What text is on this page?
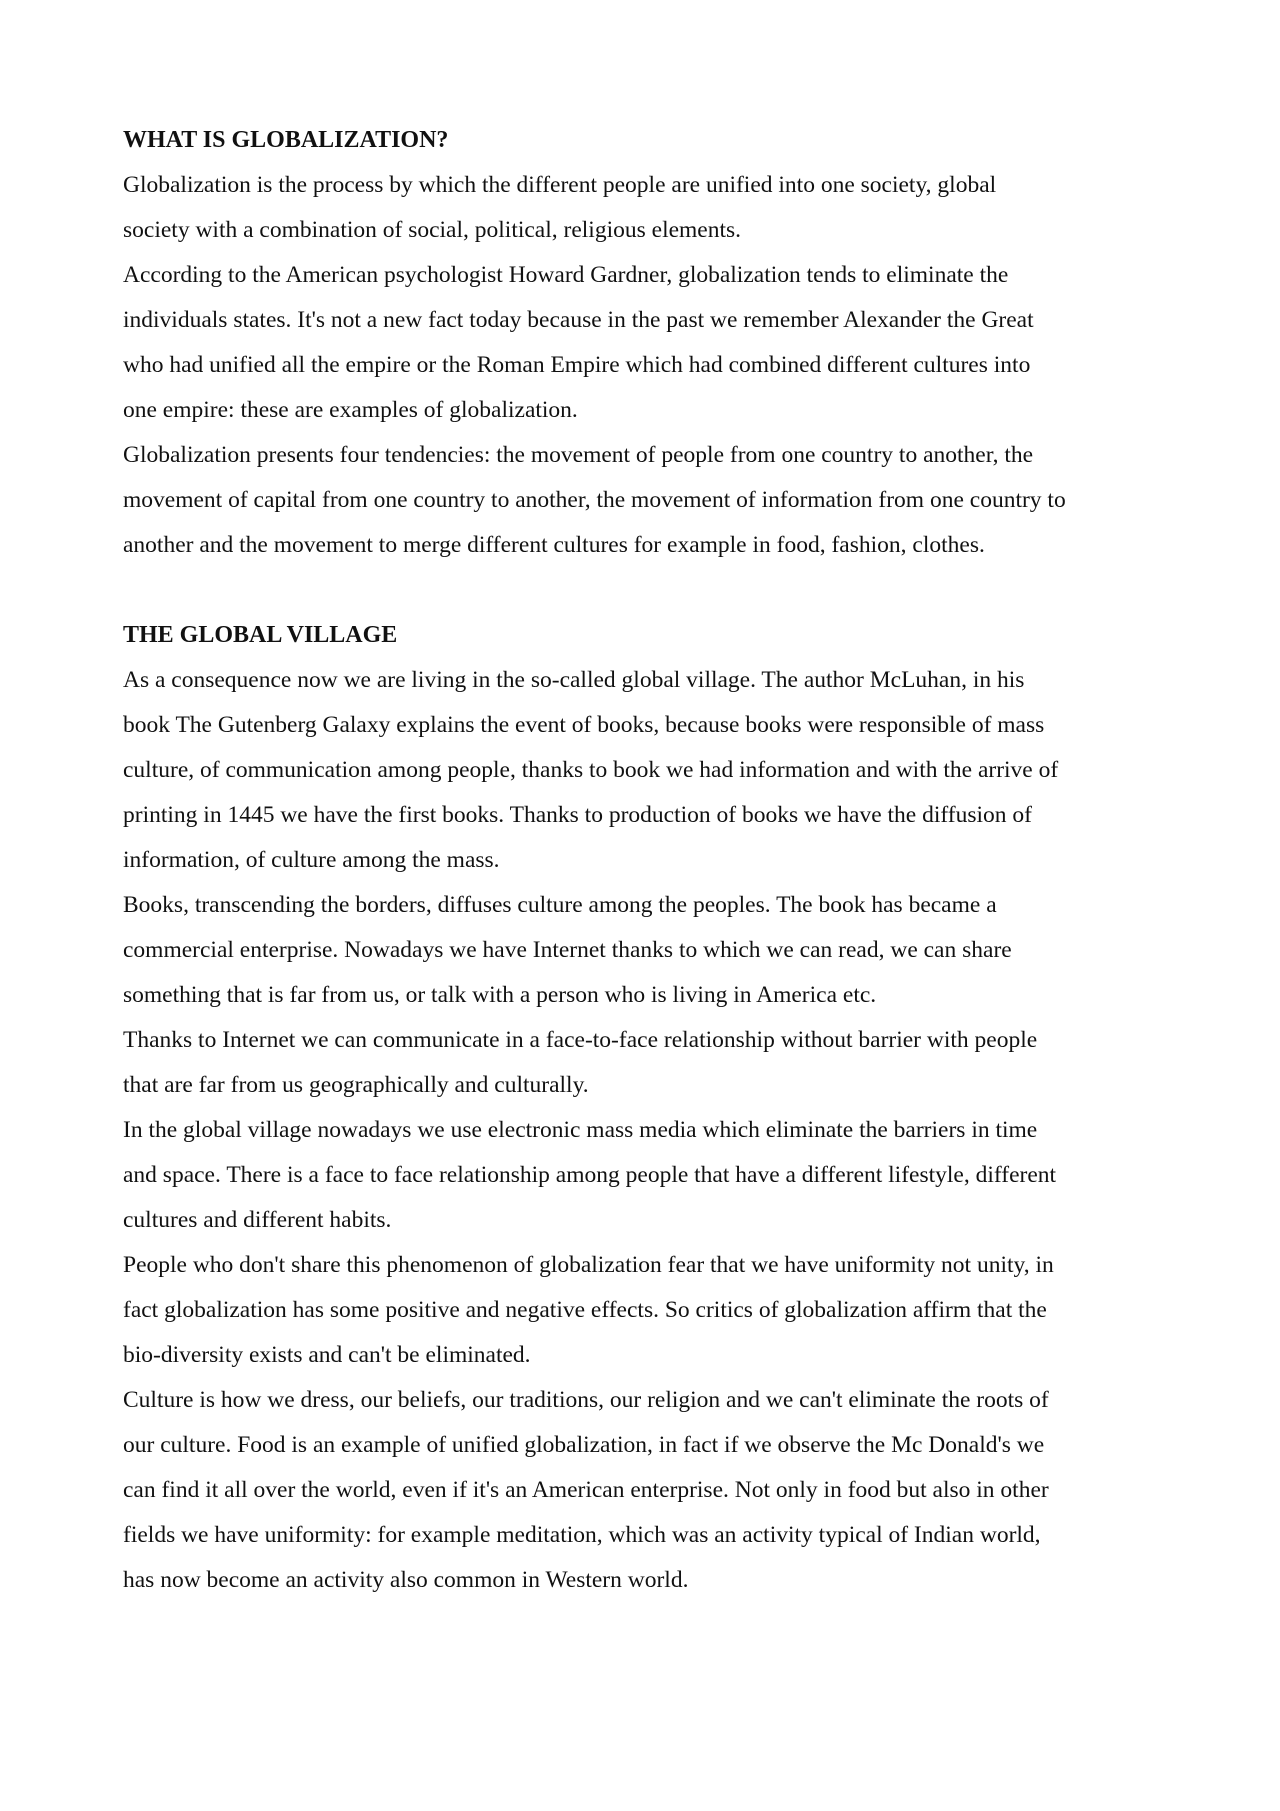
WHAT IS GLOBALIZATION?

Globalization is the process by which the different people are unified into one society, global
society with a combination of social, political, religious elements.

According to the American psychologist Howard Gardner, globalization tends to eliminate the
individuals states. It's not a new fact today because in the past we remember Alexander the Great
who had unified all the empire or the Roman Empire which had combined different cultures into
one empire: these are examples of globalization.

Globalization presents four tendencies: the movement of people from one country to another, the
movement of capital from one country to another, the movement of information from one country to
another and the movement to merge different cultures for example in food, fashion, clothes.

THE GLOBAL VILLAGE

As a consequence now we are living in the so-called global village. The author McLuhan, in his
book The Gutenberg Galaxy explains the event of books, because books were responsible of mass
culture, of communication among people, thanks to book we had information and with the arrive of
printing in 1445 we have the first books. Thanks to production of books we have the diffusion of
information, of culture among the mass.

Books, transcending the borders, diffuses culture among the peoples. The book has became a
commercial enterprise. Nowadays we have Internet thanks to which we can read, we can share
something that is far from us, or talk with a person who is living in America etc.

Thanks to Internet we can communicate in a face-to-face relationship without barrier with people
that are far from us geographically and culturally.

In the global village nowadays we use electronic mass media which eliminate the barriers in time
and space. There is a face to face relationship among people that have a different lifestyle, different
cultures and different habits.

People who don't share this phenomenon of globalization fear that we have uniformity not unity, in
fact globalization has some positive and negative effects. So critics of globalization affirm that the
bio-diversity exists and can't be eliminated.

Culture is how we dress, our beliefs, our traditions, our religion and we can't eliminate the roots of
our culture. Food is an example of unified globalization, in fact if we observe the Mc Donald's we
can find it all over the world, even if it's an American enterprise. Not only in food but also in other
fields we have uniformity: for example meditation, which was an activity typical of Indian world,
has now become an activity also common in Western world.
